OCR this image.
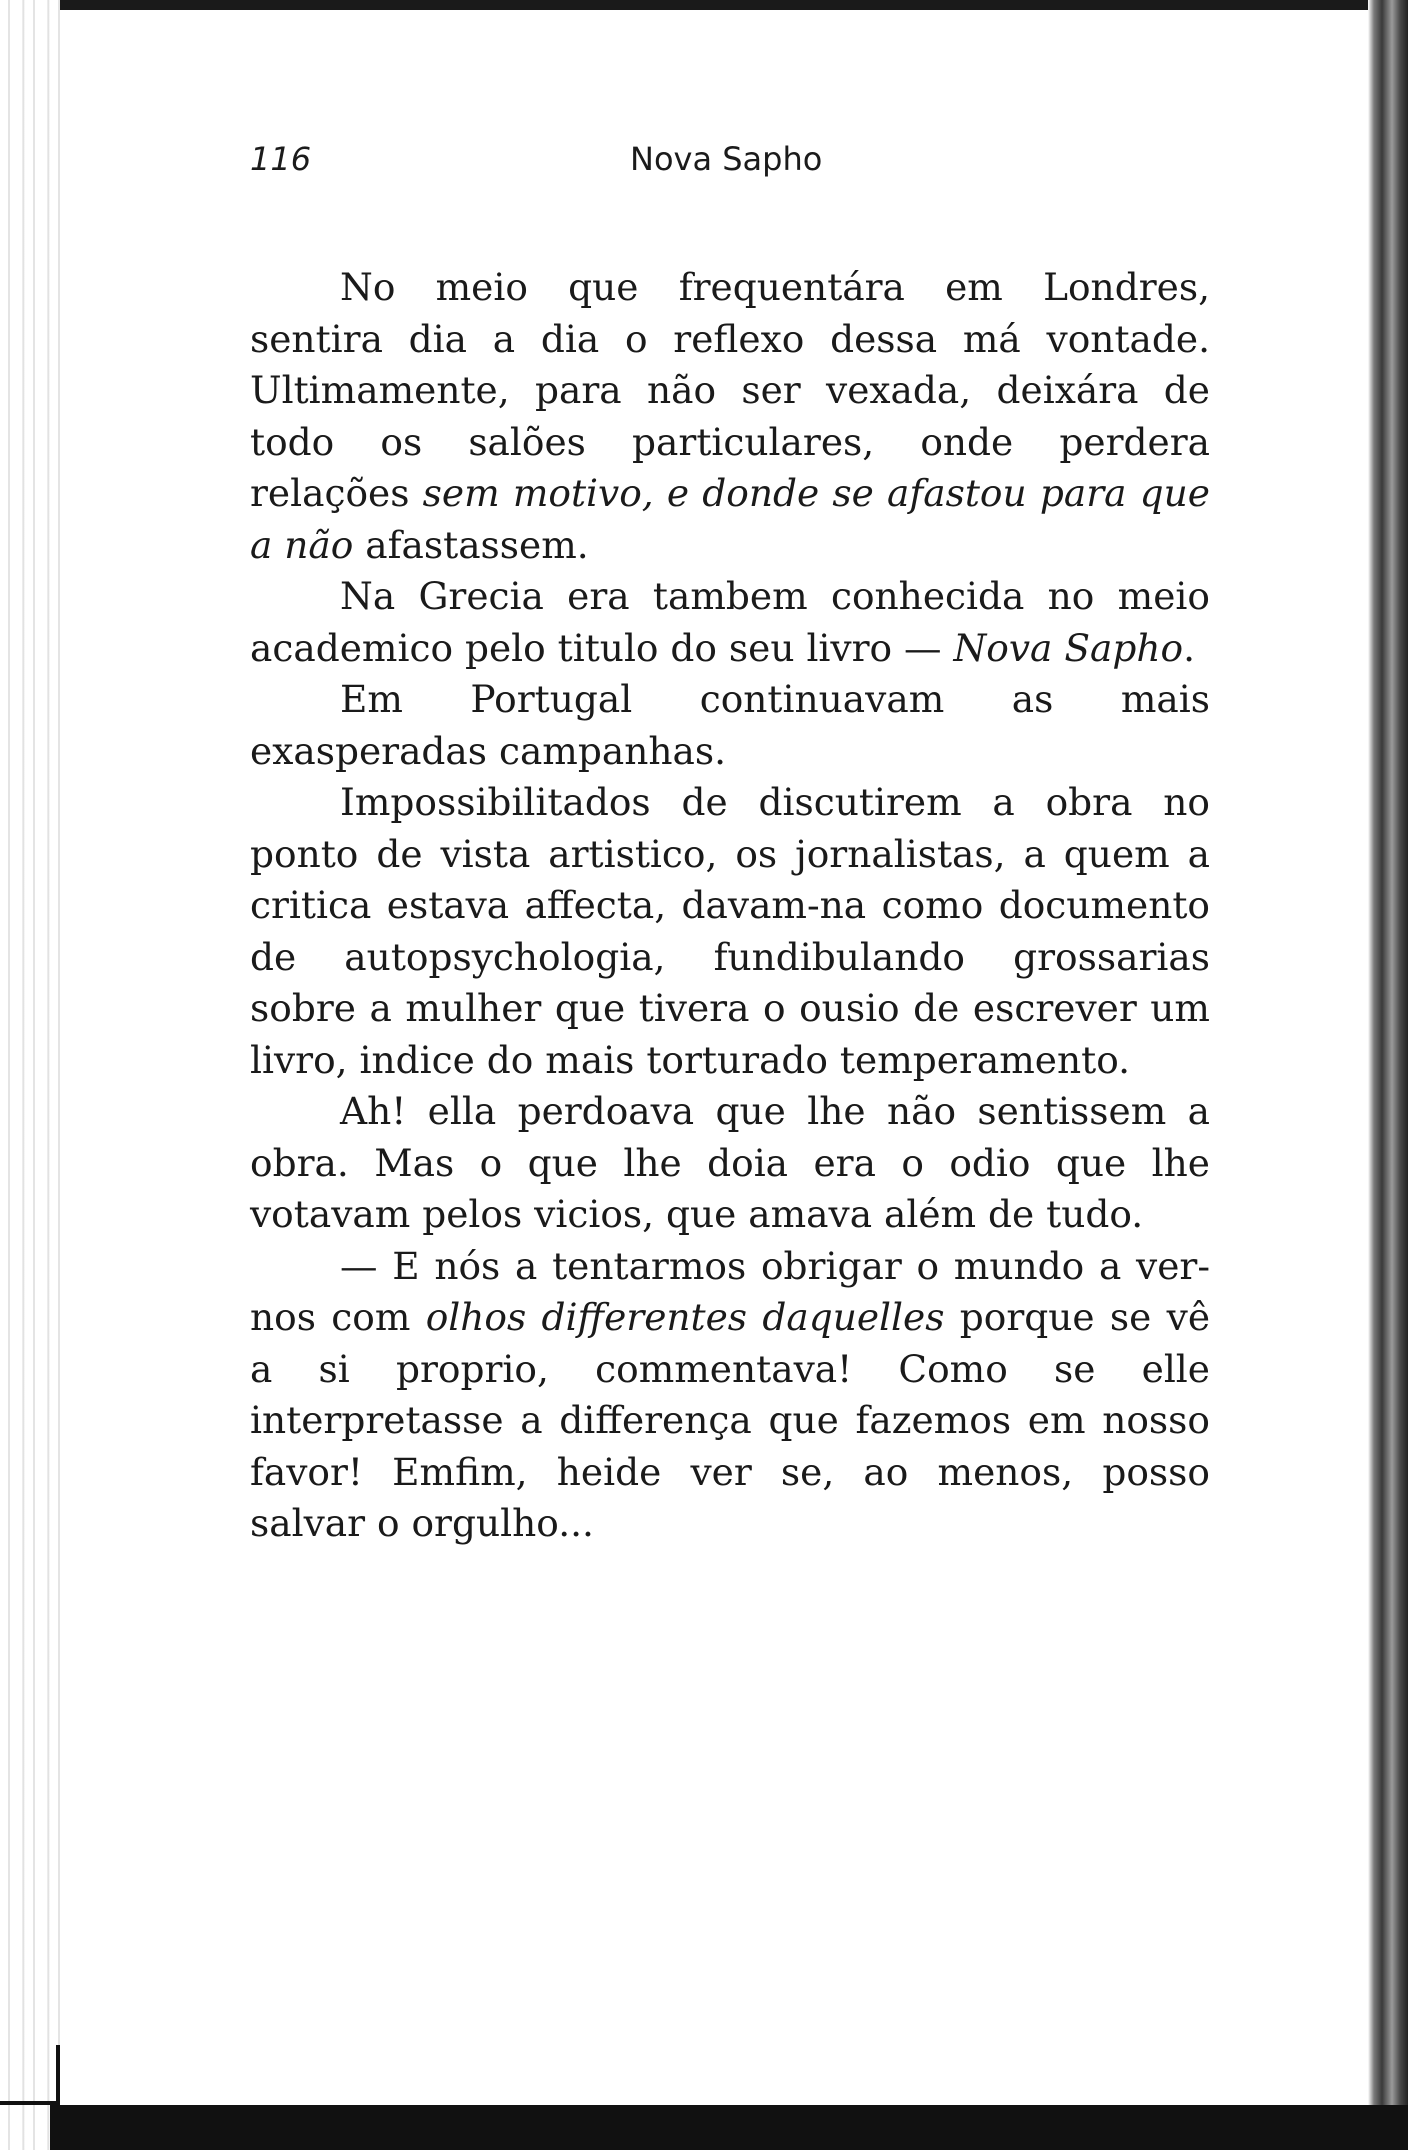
116	Nova Sapho

No meio que frequentára em Londres, sentira dia a dia o reflexo dessa má vontade. Ultimamente, para não ser vexada, deixára de todo os salões particulares, onde perdera relações sem motivo, e donde se afastou para que a não afastassem.

Na Grecia era tambem conhecida no meio academico pelo titulo do seu livro — Nova Sapho.

Em Portugal continuavam as mais exasperadas campanhas.

Impossibilitados de discutirem a obra no ponto de vista artistico, os jornalistas, a quem a critica estava affecta, davam-na como documento de autopsychologia, fundibulando grossarias sobre a mulher que tivera o ousio de escrever um livro, indice do mais torturado temperamento.

Ah! ella perdoava que lhe não sentissem a obra. Mas o que lhe doia era o odio que lhe votavam pelos vicios, que amava além de tudo.

— E nós a tentarmos obrigar o mundo a ver-nos com olhos differentes daquelles porque se vê a si proprio, commentava! Como se elle interpretasse a differença que fazemos em nosso favor! Emfim, heide ver se, ao menos, posso salvar o orgulho...
